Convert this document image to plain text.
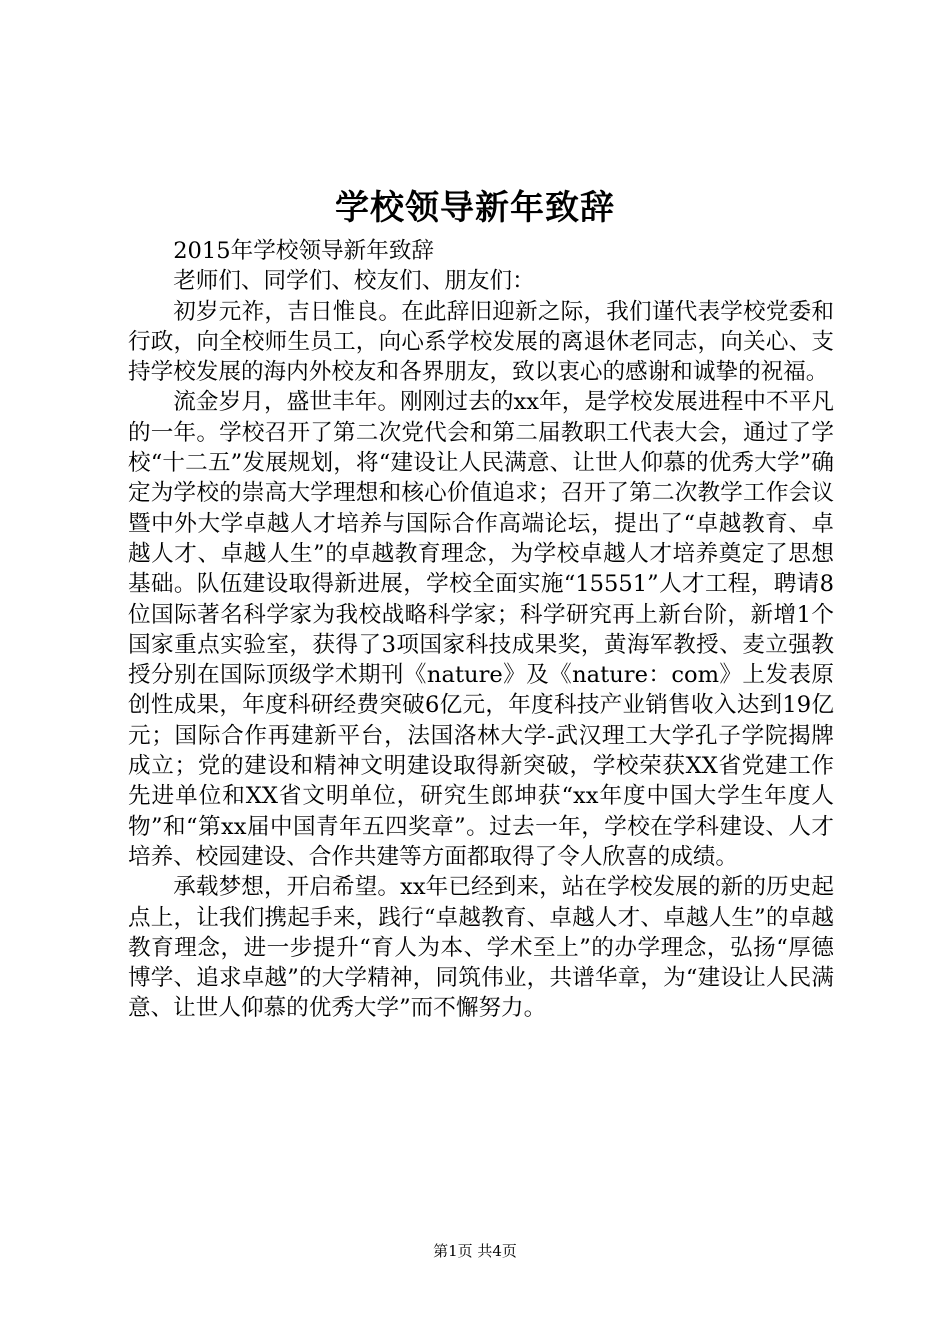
学校领导新年致辞

2015年学校领导新年致辞

老师们、同学们、校友们、朋友们：

初岁元祚，吉日惟良。在此辞旧迎新之际，我们谨代表学校党委和行政，向全校师生员工，向心系学校发展的离退休老同志，向关心、支持学校发展的海内外校友和各界朋友，致以衷心的感谢和诚挚的祝福。

流金岁月，盛世丰年。刚刚过去的xx年，是学校发展进程中不平凡的一年。学校召开了第二次党代会和第二届教职工代表大会，通过了学校“十二五”发展规划，将“建设让人民满意、让世人仰慕的优秀大学”确定为学校的崇高大学理想和核心价值追求；召开了第二次教学工作会议暨中外大学卓越人才培养与国际合作高端论坛，提出了“卓越教育、卓越人才、卓越人生”的卓越教育理念，为学校卓越人才培养奠定了思想基础。队伍建设取得新进展，学校全面实施“15551”人才工程，聘请8位国际著名科学家为我校战略科学家；科学研究再上新台阶，新增1个国家重点实验室，获得了3项国家科技成果奖，黄海军教授、麦立强教授分别在国际顶级学术期刊《nature》及《nature：com》上发表原创性成果，年度科研经费突破6亿元，年度科技产业销售收入达到19亿元；国际合作再建新平台，法国洛林大学-武汉理工大学孔子学院揭牌成立；党的建设和精神文明建设取得新突破，学校荣获XX省党建工作先进单位和XX省文明单位，研究生郎坤获“xx年度中国大学生年度人物”和“第xx届中国青年五四奖章”。过去一年，学校在学科建设、人才培养、校园建设、合作共建等方面都取得了令人欣喜的成绩。

承载梦想，开启希望。xx年已经到来，站在学校发展的新的历史起点上，让我们携起手来，践行“卓越教育、卓越人才、卓越人生”的卓越教育理念，进一步提升“育人为本、学术至上”的办学理念，弘扬“厚德博学、追求卓越”的大学精神，同筑伟业，共谱华章，为“建设让人民满意、让世人仰慕的优秀大学”而不懈努力。

第1页 共4页
